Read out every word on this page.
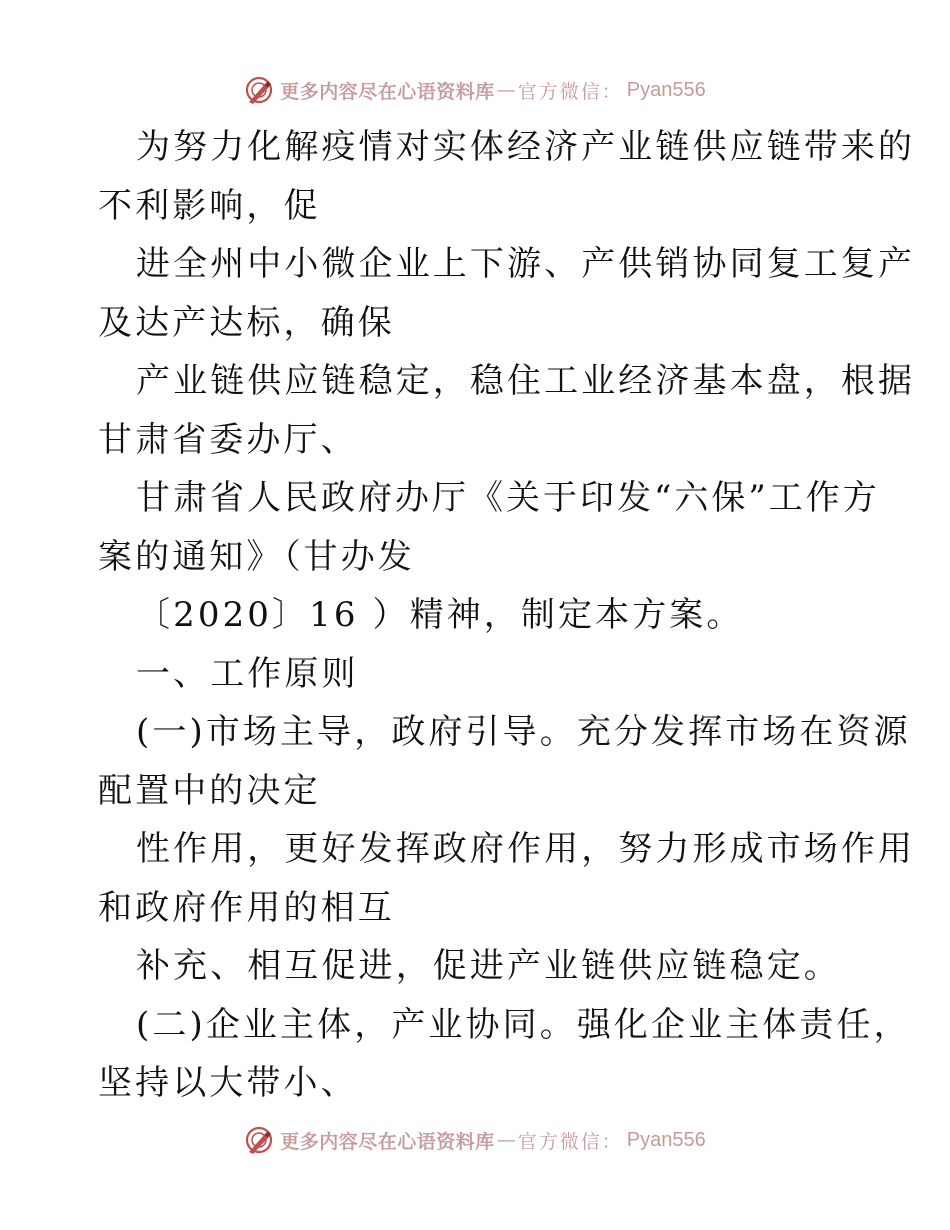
更多内容尽在心语资料库 — 官方微信： Pyan556
为努力化解疫情对实体经济产业链供应链带来的
不利影响，促
进全州中小微企业上下游、产供销协同复工复产
及达产达标，确保
产业链供应链稳定，稳住工业经济基本盘，根据
甘肃省委办厅、
甘肃省人民政府办厅《关于印发“六保”工作方
案的通知》（甘办发
〔2020〕16 ）精神，制定本方案。
一、工作原则
(一)市场主导，政府引导。充分发挥市场在资源
配置中的决定
性作用，更好发挥政府作用，努力形成市场作用
和政府作用的相互
补充、相互促进，促进产业链供应链稳定。
(二)企业主体，产业协同。强化企业主体责任，
坚持以大带小、
更多内容尽在心语资料库 — 官方微信： Pyan556
